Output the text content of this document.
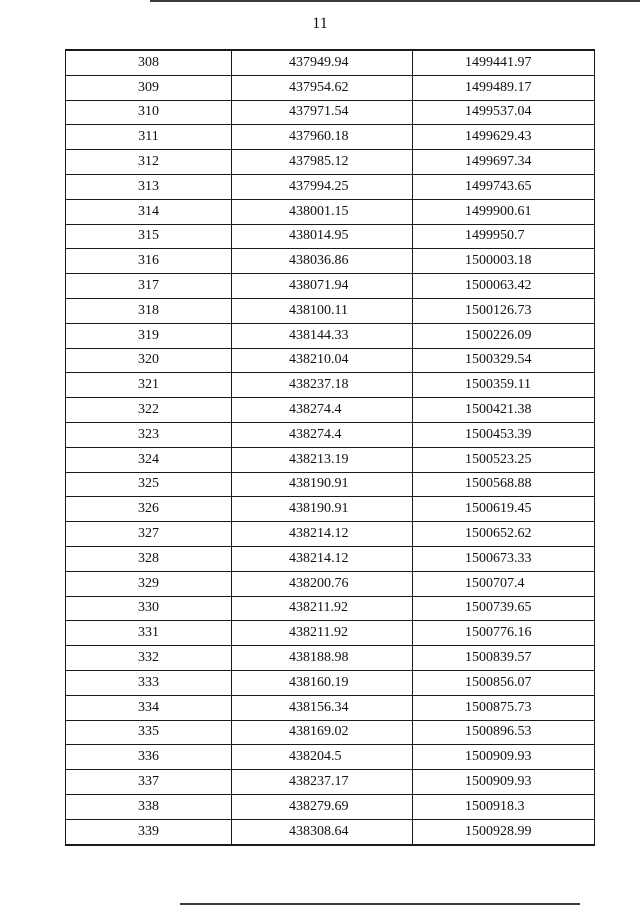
11
308	437949.94	1499441.97
309	437954.62	1499489.17
310	437971.54	1499537.04
311	437960.18	1499629.43
312	437985.12	1499697.34
313	437994.25	1499743.65
314	438001.15	1499900.61
315	438014.95	1499950.7
316	438036.86	1500003.18
317	438071.94	1500063.42
318	438100.11	1500126.73
319	438144.33	1500226.09
320	438210.04	1500329.54
321	438237.18	1500359.11
322	438274.4	1500421.38
323	438274.4	1500453.39
324	438213.19	1500523.25
325	438190.91	1500568.88
326	438190.91	1500619.45
327	438214.12	1500652.62
328	438214.12	1500673.33
329	438200.76	1500707.4
330	438211.92	1500739.65
331	438211.92	1500776.16
332	438188.98	1500839.57
333	438160.19	1500856.07
334	438156.34	1500875.73
335	438169.02	1500896.53
336	438204.5	1500909.93
337	438237.17	1500909.93
338	438279.69	1500918.3
339	438308.64	1500928.99
